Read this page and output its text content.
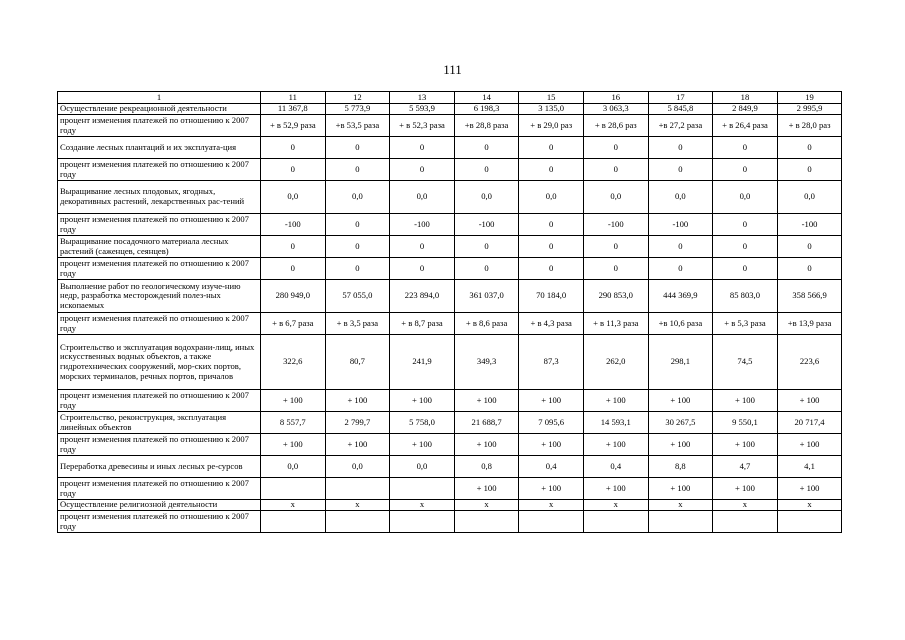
111
1	11	12	13	14	15	16	17	18	19
Осуществление рекреационной деятельности	11 367,8	5 773,9	5 593,9	6 198,3	3 135,0	3 063,3	5 845,8	2 849,9	2 995,9
процент изменения платежей по отношению к 2007 году	+ в 52,9 раза	+в 53,5 раза	+ в 52,3 раза	+в 28,8 раза	+ в 29,0 раз	+ в 28,6 раз	+в 27,2 раза	+ в 26,4 раза	+ в 28,0 раз
Создание лесных плантаций и их эксплуата-ция	0	0	0	0	0	0	0	0	0
процент изменения платежей по отношению к 2007 году	0	0	0	0	0	0	0	0	0
Выращивание лесных плодовых, ягодных, декоративных растений, лекарственных рас-тений	0,0	0,0	0,0	0,0	0,0	0,0	0,0	0,0	0,0
процент изменения платежей по отношению к 2007 году	-100	0	-100	-100	0	-100	-100	0	-100
Выращивание посадочного материала лесных растений (саженцев, сеянцев)	0	0	0	0	0	0	0	0	0
процент изменения платежей по отношению к 2007 году	0	0	0	0	0	0	0	0	0
Выполнение работ по геологическому изуче-нию недр, разработка месторождений полез-ных ископаемых	280 949,0	57 055,0	223 894,0	361 037,0	70 184,0	290 853,0	444 369,9	85 803,0	358 566,9
процент изменения платежей по отношению к 2007 году	+ в 6,7 раза	+ в 3,5 раза	+ в 8,7 раза	+ в 8,6 раза	+ в 4,3 раза	+ в 11,3 раза	+в 10,6 раза	+ в 5,3 раза	+в 13,9 раза
Строительство и эксплуатация водохрани-лищ, иных искусственных водных объектов, а также гидротехнических сооружений, мор-ских портов, морских терминалов, речных портов, причалов	322,6	80,7	241,9	349,3	87,3	262,0	298,1	74,5	223,6
процент изменения платежей по отношению к 2007 году	+ 100	+ 100	+ 100	+ 100	+ 100	+ 100	+ 100	+ 100	+ 100
Строительство, реконструкция, эксплуатация линейных объектов	8 557,7	2 799,7	5 758,0	21 688,7	7 095,6	14 593,1	30 267,5	9 550,1	20 717,4
процент изменения платежей по отношению к 2007 году	+ 100	+ 100	+ 100	+ 100	+ 100	+ 100	+ 100	+ 100	+ 100
Переработка древесины и иных лесных ре-сурсов	0,0	0,0	0,0	0,8	0,4	0,4	8,8	4,7	4,1
процент изменения платежей по отношению к 2007 году				+ 100	+ 100	+ 100	+ 100	+ 100	+ 100
Осуществление религиозной деятельности	х	х	х	х	х	х	х	х	х
процент изменения платежей по отношению к 2007 году									
